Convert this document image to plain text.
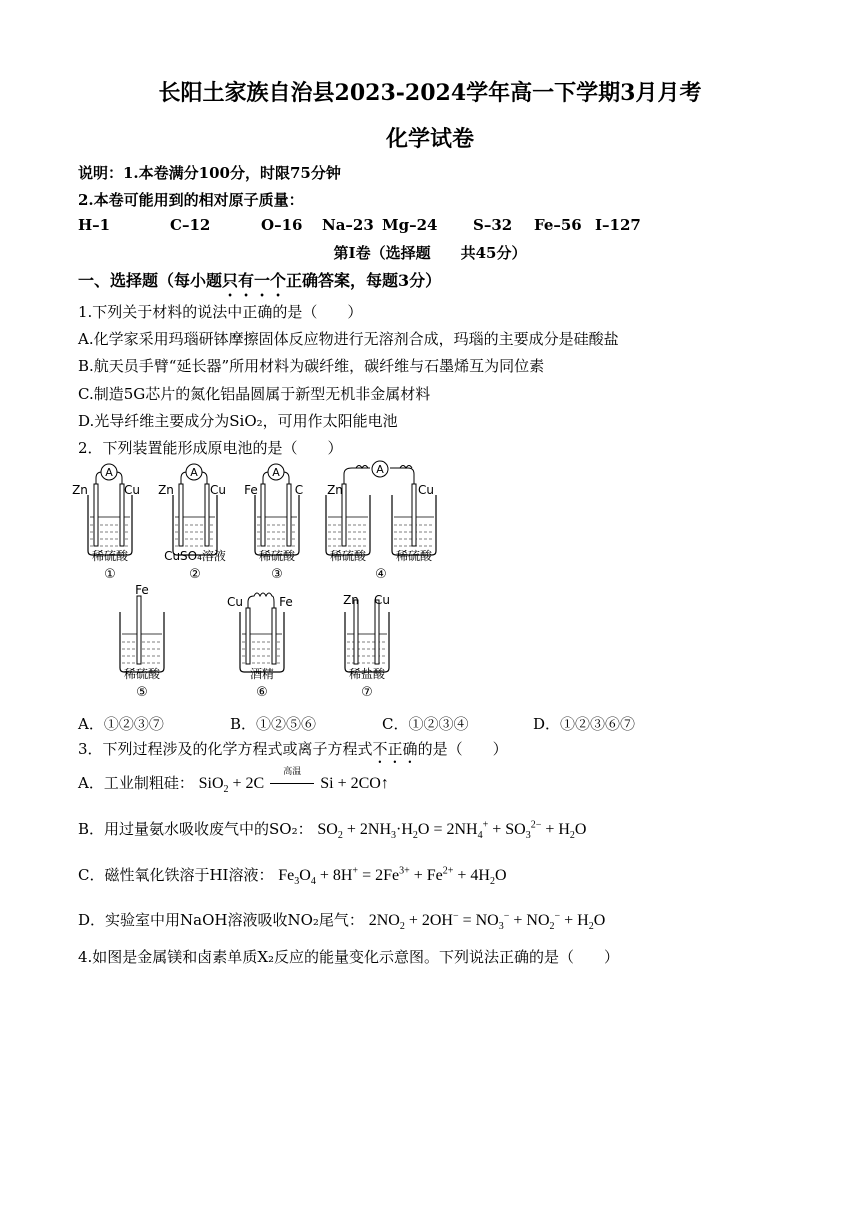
长阳土家族自治县2023-2024学年高一下学期3月月考
化学试卷
说明：1.本卷满分100分，时限75分钟
2.本卷可能用到的相对原子质量：
H–1	C–12	O–16 Na–23 Mg–24 S–32 Fe–56 I–127
第Ⅰ卷（选择题　　共45分）
一、选择题（每小题只有一个正确答案，每题3分）
1.下列关于材料的说法中正确的是（　　）
A.化学家采用玛瑙研钵摩擦固体反应物进行无溶剂合成，玛瑙的主要成分是硅酸盐
B.航天员手臂“延长器”所用材料为碳纤维，碳纤维与石墨烯互为同位素
C.制造5G芯片的氮化铝晶圆属于新型无机非金属材料
D.光导纤维主要成分为SiO₂，可用作太阳能电池
2．下列装置能形成原电池的是（　　）
A
Zn	Cu
稀硫酸
①
A
Zn	Cu
CuSO₄溶液
②
A
Fe	C
稀硫酸
③
A
Zn	Cu
稀硫酸 稀硫酸
④
Fe
稀硫酸
⑤
Cu	Fe
酒精
⑥
Zn Cu
稀盐酸
⑦
A．①②③⑦	B．①②⑤⑥	C．①②③④	D．①②③⑥⑦
3．下列过程涉及的化学方程式或离子方程式不正确的是（　　）
A．工业制粗硅： SiO$_2$ + 2C
高温
Si + 2CO↑
B．用过量氨水吸收废气中的SO₂： $SO_2 + 2NH_3\cdot H_2O = 2NH_4^+ + SO_3^{2-} + H_2O$
C．磁性氧化铁溶于HI溶液： $Fe_3O_4 + 8H^+ = 2Fe^{3+} + Fe^{2+} + 4H_2O$
D．实验室中用NaOH溶液吸收NO₂尾气： $2NO_2 + 2OH^- = NO_3^- + NO_2^- + H_2O$
4.如图是金属镁和卤素单质X₂反应的能量变化示意图。下列说法正确的是（　　）
